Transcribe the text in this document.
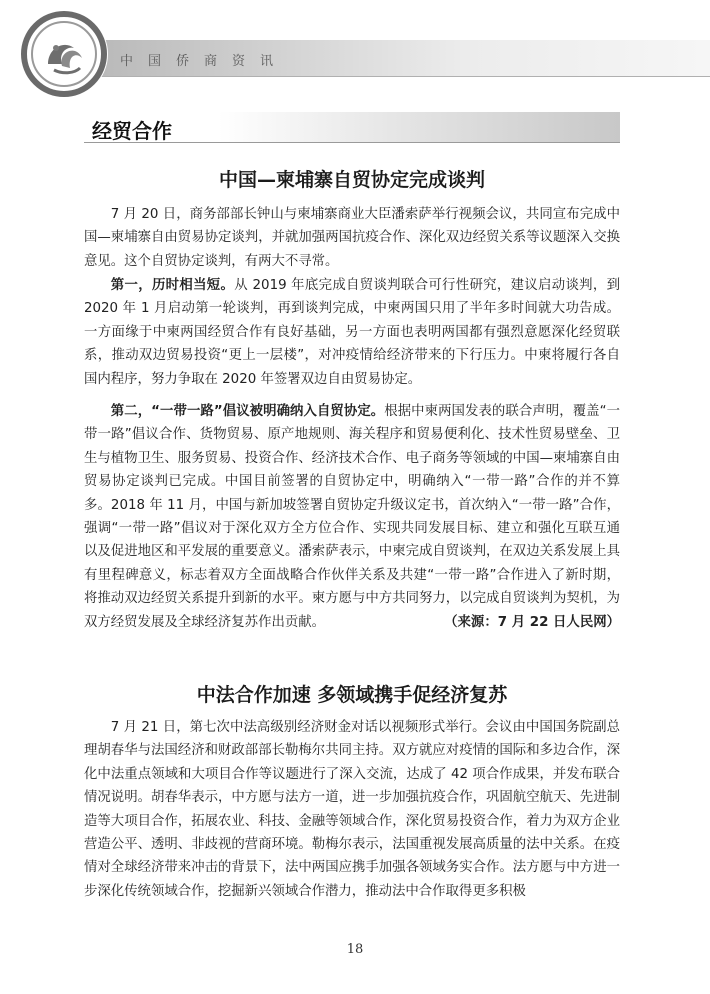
中国侨商资讯
经贸合作
中国—柬埔寨自贸协定完成谈判

7 月 20 日，商务部部长钟山与柬埔寨商业大臣潘索萨举行视频会议，共同宣布完成中国—柬埔寨自由贸易协定谈判，并就加强两国抗疫合作、深化双边经贸关系等议题深入交换意见。这个自贸协定谈判，有两大不寻常。

第一，历时相当短。从 2019 年底完成自贸谈判联合可行性研究，建议启动谈判，到 2020 年 1 月启动第一轮谈判，再到谈判完成，中柬两国只用了半年多时间就大功告成。一方面缘于中柬两国经贸合作有良好基础，另一方面也表明两国都有强烈意愿深化经贸联系，推动双边贸易投资“更上一层楼”，对冲疫情给经济带来的下行压力。中柬将履行各自国内程序，努力争取在 2020 年签署双边自由贸易协定。

第二，“一带一路”倡议被明确纳入自贸协定。根据中柬两国发表的联合声明，覆盖“一带一路”倡议合作、货物贸易、原产地规则、海关程序和贸易便利化、技术性贸易壁垒、卫生与植物卫生、服务贸易、投资合作、经济技术合作、电子商务等领域的中国—柬埔寨自由贸易协定谈判已完成。中国目前签署的自贸协定中，明确纳入“一带一路”合作的并不算多。2018 年 11 月，中国与新加坡签署自贸协定升级议定书，首次纳入“一带一路”合作，强调“一带一路”倡议对于深化双方全方位合作、实现共同发展目标、建立和强化互联互通以及促进地区和平发展的重要意义。潘索萨表示，中柬完成自贸谈判，在双边关系发展上具有里程碑意义，标志着双方全面战略合作伙伴关系及共建“一带一路”合作进入了新时期，将推动双边经贸关系提升到新的水平。柬方愿与中方共同努力，以完成自贸谈判为契机，为双方经贸发展及全球经济复苏作出贡献。	（来源：7 月 22 日人民网）

中法合作加速 多领域携手促经济复苏

7 月 21 日，第七次中法高级别经济财金对话以视频形式举行。会议由中国国务院副总理胡春华与法国经济和财政部部长勒梅尔共同主持。双方就应对疫情的国际和多边合作，深化中法重点领域和大项目合作等议题进行了深入交流，达成了 42 项合作成果，并发布联合情况说明。胡春华表示，中方愿与法方一道，进一步加强抗疫合作，巩固航空航天、先进制造等大项目合作，拓展农业、科技、金融等领域合作，深化贸易投资合作，着力为双方企业营造公平、透明、非歧视的营商环境。勒梅尔表示，法国重视发展高质量的法中关系。在疫情对全球经济带来冲击的背景下，法中两国应携手加强各领域务实合作。法方愿与中方进一步深化传统领域合作，挖掘新兴领域合作潜力，推动法中合作取得更多积极

18
